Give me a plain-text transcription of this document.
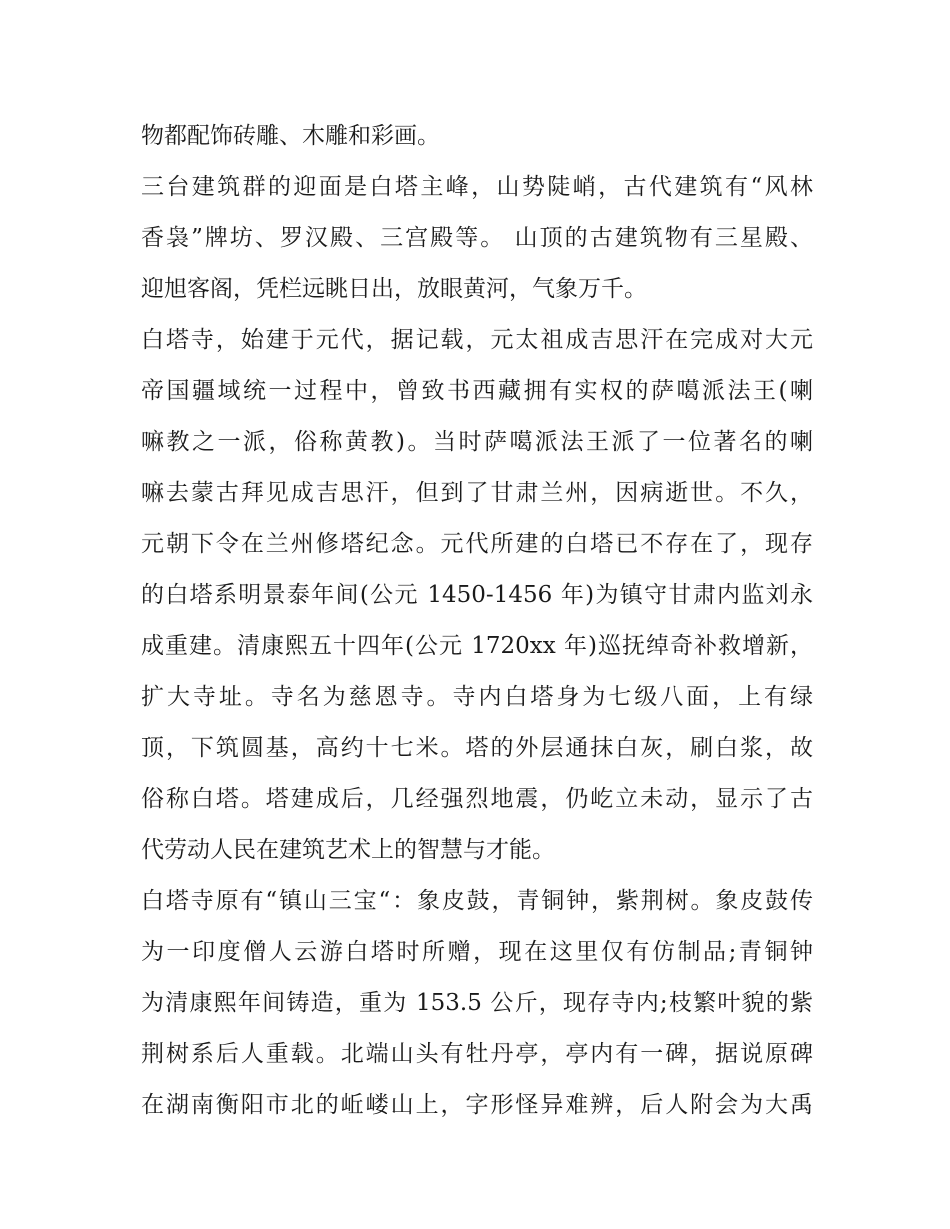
物都配饰砖雕、木雕和彩画。
三台建筑群的迎面是白塔主峰，山势陡峭，古代建筑有“风林
香袅”牌坊、罗汉殿、三宫殿等。 山顶的古建筑物有三星殿、
迎旭客阁，凭栏远眺日出，放眼黄河，气象万千。
白塔寺，始建于元代，据记载，元太祖成吉思汗在完成对大元
帝国疆域统一过程中，曾致书西藏拥有实权的萨噶派法王(喇
嘛教之一派，俗称黄教)。当时萨噶派法王派了一位著名的喇
嘛去蒙古拜见成吉思汗，但到了甘肃兰州，因病逝世。不久，
元朝下令在兰州修塔纪念。元代所建的白塔已不存在了，现存
的白塔系明景泰年间(公元 1450-1456 年)为镇守甘肃内监刘永
成重建。清康熙五十四年(公元 1720xx 年)巡抚绰奇补救增新，
扩大寺址。寺名为慈恩寺。寺内白塔身为七级八面，上有绿
顶，下筑圆基，高约十七米。塔的外层通抹白灰，刷白浆，故
俗称白塔。塔建成后，几经强烈地震，仍屹立未动，显示了古
代劳动人民在建筑艺术上的智慧与才能。
白塔寺原有“镇山三宝“：象皮鼓，青铜钟，紫荆树。象皮鼓传
为一印度僧人云游白塔时所赠，现在这里仅有仿制品;青铜钟
为清康熙年间铸造，重为 153.5 公斤，现存寺内;枝繁叶貌的紫
荆树系后人重载。北端山头有牡丹亭，亭内有一碑，据说原碑
在湖南衡阳市北的岴嵝山上，字形怪异难辨，后人附会为大禹
